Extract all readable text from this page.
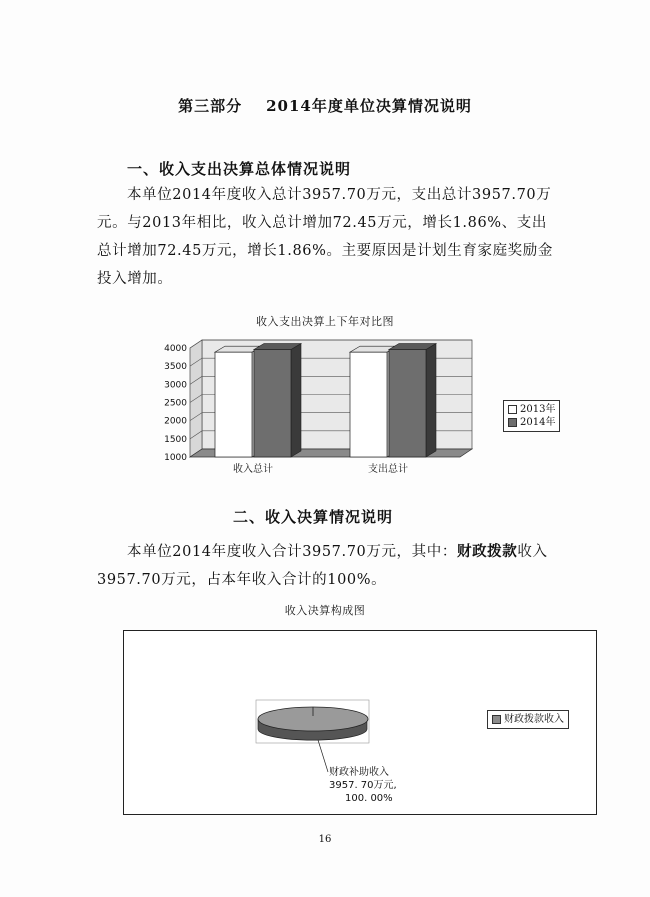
第三部分 2014年度单位决算情况说明
一、收入支出决算总体情况说明
本单位2014年度收入总计3957.70万元，支出总计3957.70万元。与2013年相比，收入总计增加72.45万元，增长1.86%、支出总计增加72.45万元，增长1.86%。主要原因是计划生育家庭奖励金投入增加。
收入支出决算上下年对比图
1000
1500
2000
2500
3000
3500
4000
收入总计	支出总计
2013年
2014年
二、收入决算情况说明
本单位2014年度收入合计3957.70万元，其中：财政拨款收入3957.70万元，占本年收入合计的100%。
收入决算构成图
财政补助收入
3957. 70万元,
100. 00%
财政拨款收入
16
